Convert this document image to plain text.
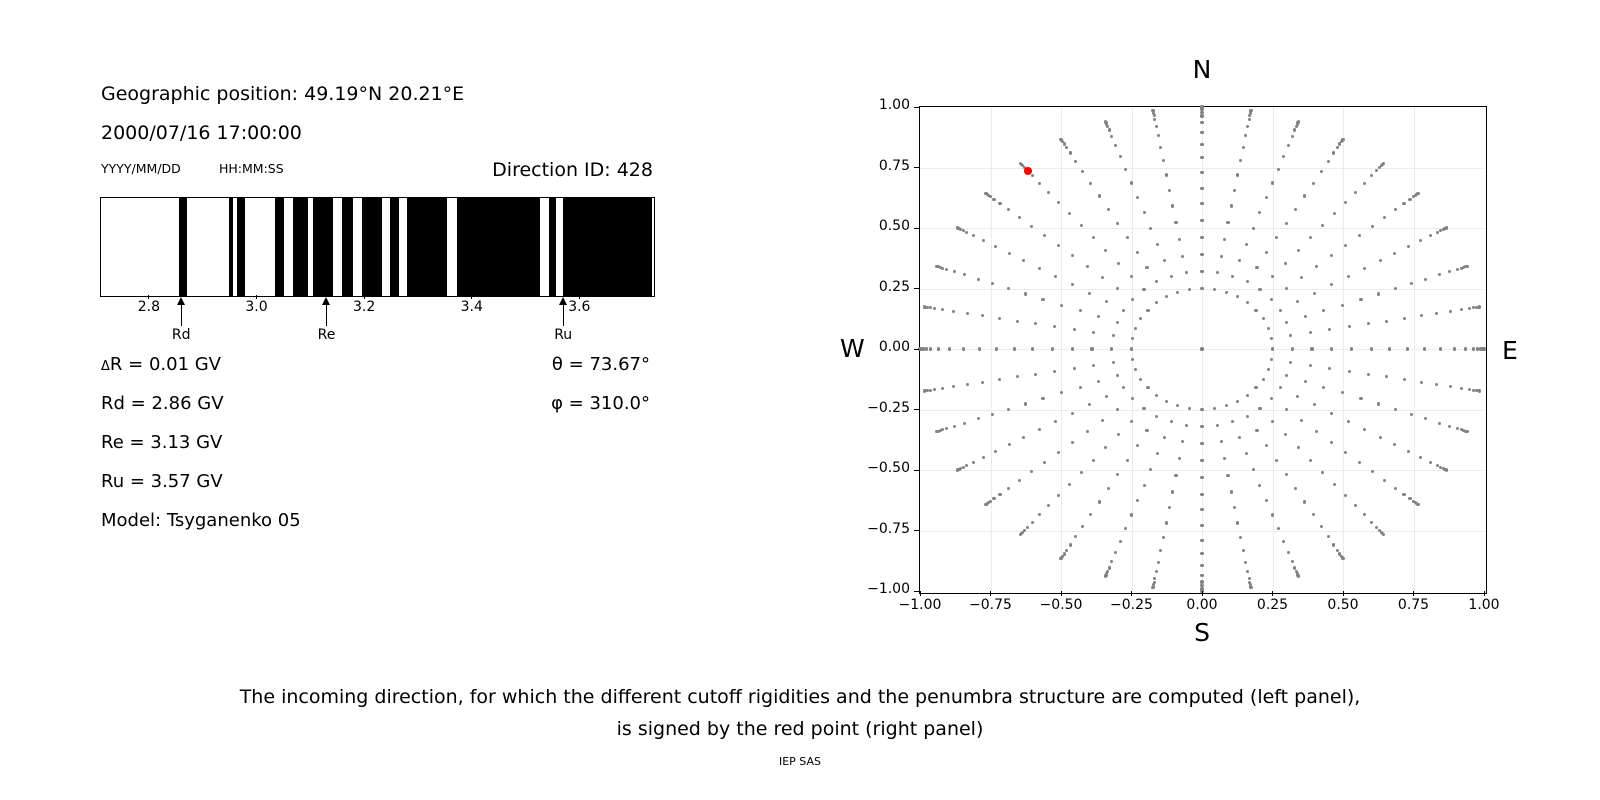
Geographic position: 49.19°N 20.21°E
2000/07/16 17:00:00
YYYY/MM/DD	HH:MM:SS	Direction ID: 428
ΔR = 0.01 GV
Rd = 2.86 GV
Re = 3.13 GV
Ru = 3.57 GV
Model: Tsyganenko 05
θ = 73.67°
φ = 310.0°
N
S
W	E
The incoming direction, for which the different cutoff rigidities and the penumbra structure are computed (left panel),
is signed by the red point (right panel)
IEP SAS
2.8	3.0	3.2	3.4	3.6
Rd	Re	Ru
−1.00	−0.75	−0.50	−0.25	0.00	0.25	0.50	0.75	1.00
1.00
0.75
0.50
0.25
0.00
−0.25
−0.50
−0.75
−1.00
